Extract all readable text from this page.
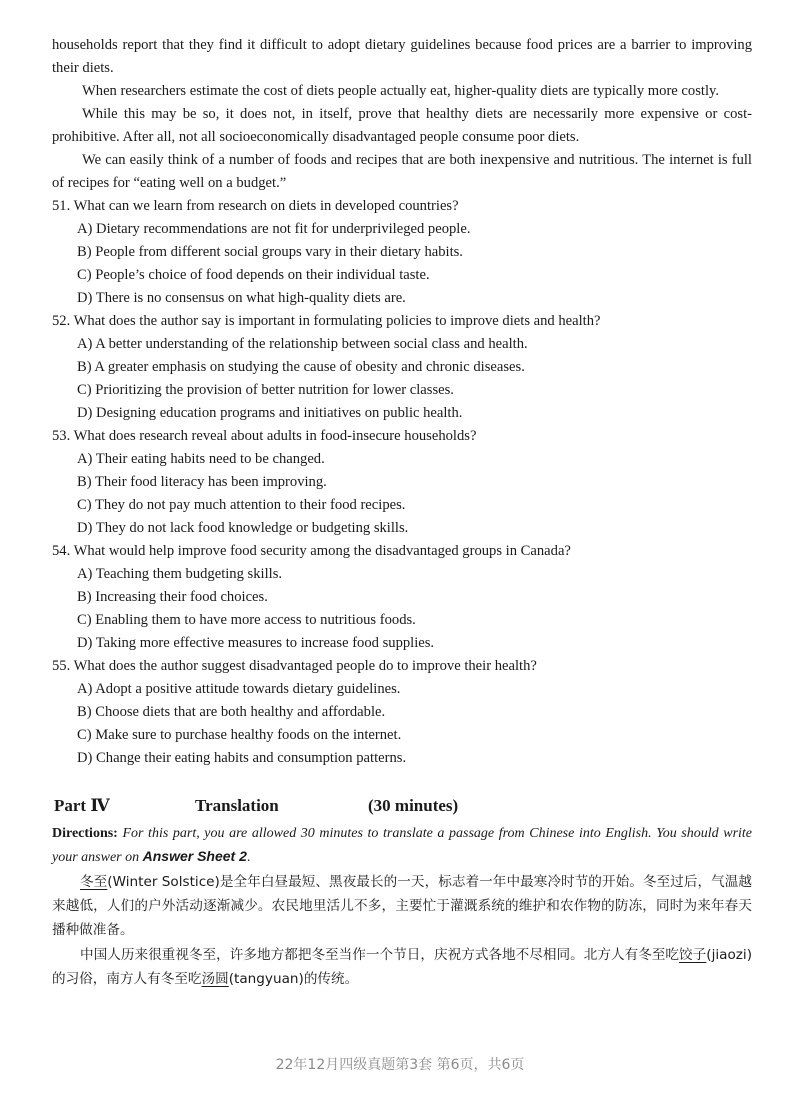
households report that they find it difficult to adopt dietary guidelines because food prices are a barrier to improving their diets.

When researchers estimate the cost of diets people actually eat, higher-quality diets are typically more costly.

While this may be so, it does not, in itself, prove that healthy diets are necessarily more expensive or cost-prohibitive. After all, not all socioeconomically disadvantaged people consume poor diets.

We can easily think of a number of foods and recipes that are both inexpensive and nutritious. The internet is full of recipes for “eating well on a budget.”

51. What can we learn from research on diets in developed countries?
A) Dietary recommendations are not fit for underprivileged people.
B) People from different social groups vary in their dietary habits.
C) People’s choice of food depends on their individual taste.
D) There is no consensus on what high-quality diets are.
52. What does the author say is important in formulating policies to improve diets and health?
A) A better understanding of the relationship between social class and health.
B) A greater emphasis on studying the cause of obesity and chronic diseases.
C) Prioritizing the provision of better nutrition for lower classes.
D) Designing education programs and initiatives on public health.
53. What does research reveal about adults in food-insecure households?
A) Their eating habits need to be changed.
B) Their food literacy has been improving.
C) They do not pay much attention to their food recipes.
D) They do not lack food knowledge or budgeting skills.
54. What would help improve food security among the disadvantaged groups in Canada?
A) Teaching them budgeting skills.
B) Increasing their food choices.
C) Enabling them to have more access to nutritious foods.
D) Taking more effective measures to increase food supplies.
55. What does the author suggest disadvantaged people do to improve their health?
A) Adopt a positive attitude towards dietary guidelines.
B) Choose diets that are both healthy and affordable.
C) Make sure to purchase healthy foods on the internet.
D) Change their eating habits and consumption patterns.
Part Ⅳ	Translation	(30 minutes)

Directions: For this part, you are allowed 30 minutes to translate a passage from Chinese into English. You should write your answer on Answer Sheet 2.

冬至(Winter Solstice)是全年白昼最短、黑夜最长的一天，标志着一年中最寒冷时节的开始。冬至过后，气温越来越低，人们的户外活动逐渐减少。农民地里活儿不多，主要忙于灌溉系统的维护和农作物的防冻，同时为来年春天播种做准备。

中国人历来很重视冬至，许多地方都把冬至当作一个节日，庆祝方式各地不尽相同。北方人有冬至吃饺子(jiaozi)的习俗，南方人有冬至吃汤圆(tangyuan)的传统。

22年12月四级真题第3套 第6页，共6页
